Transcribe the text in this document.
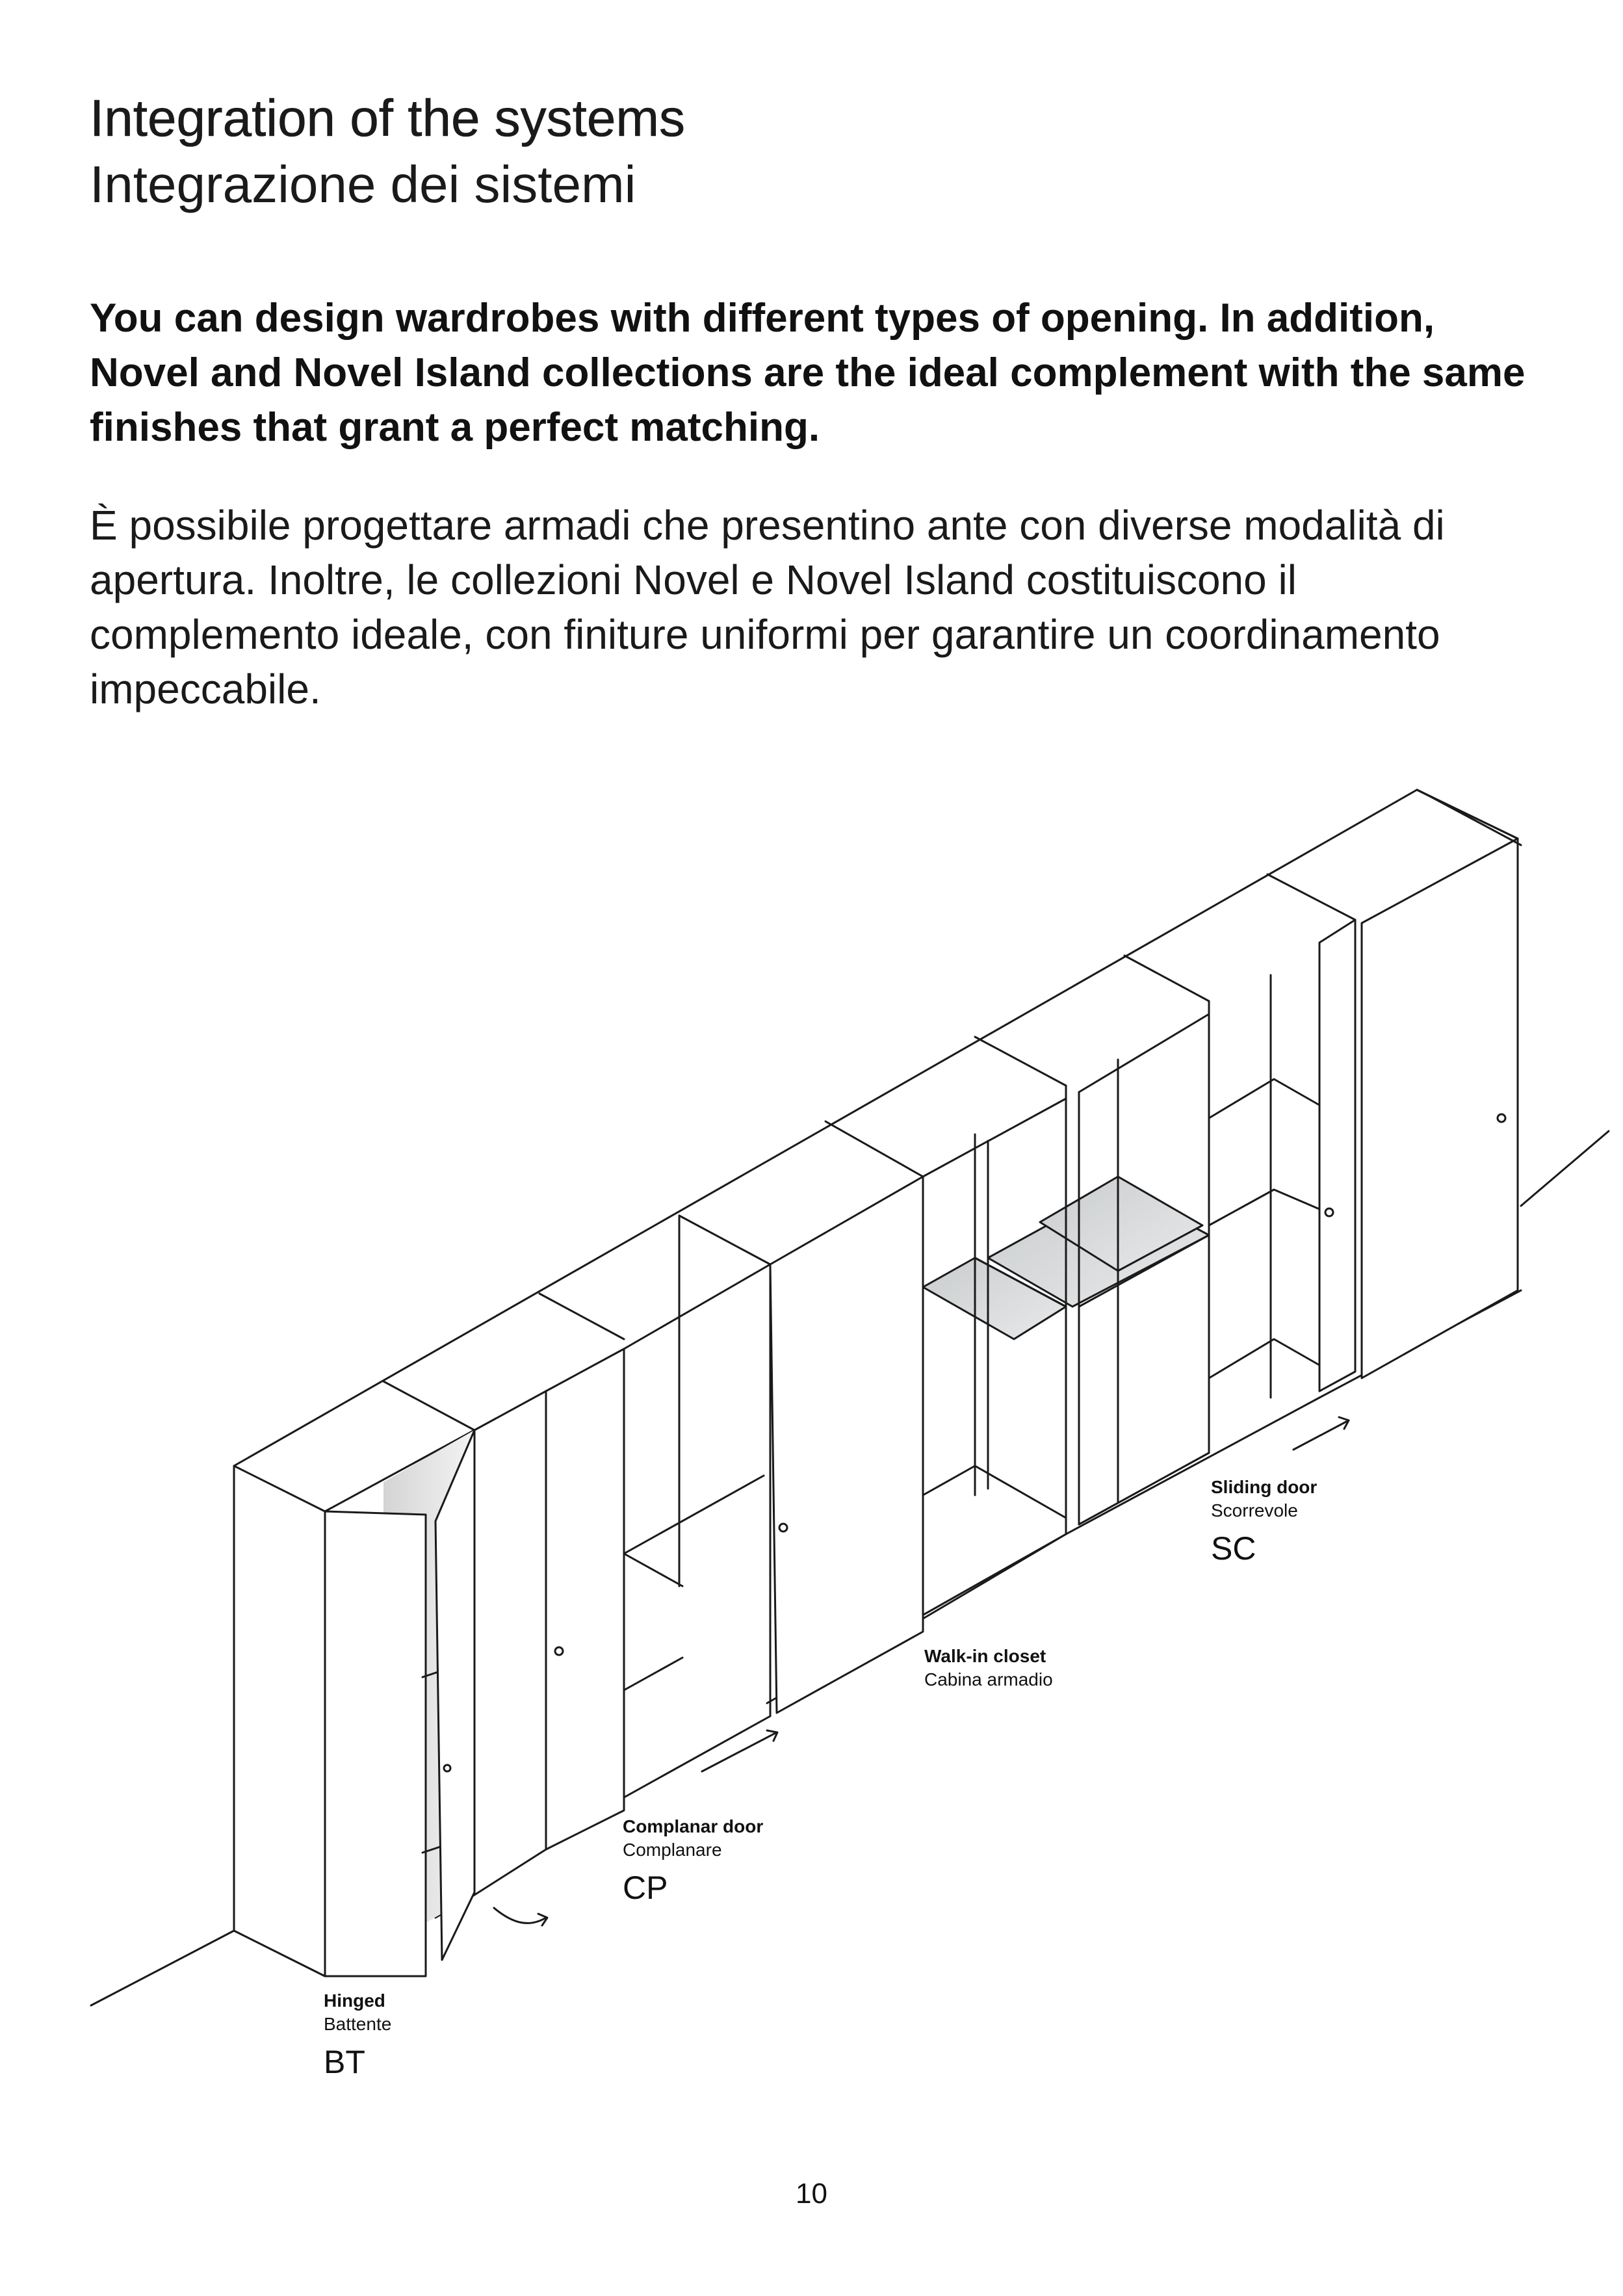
Integration of the systems
Integrazione dei sistemi

You can design wardrobes with different types of opening. In addition, Novel and Novel Island collections are the ideal complement with the same finishes that grant a perfect matching.

È possibile progettare armadi che presentino ante con diverse modalità di apertura. Inoltre, le collezioni Novel e Novel Island costituiscono il complemento ideale, con finiture uniformi per garantire un coordinamento impeccabile.

Hinged
Battente
BT
Complanar door
Complanare
CP
Walk-in closet
Cabina armadio
Sliding door
Scorrevole
SC
10
